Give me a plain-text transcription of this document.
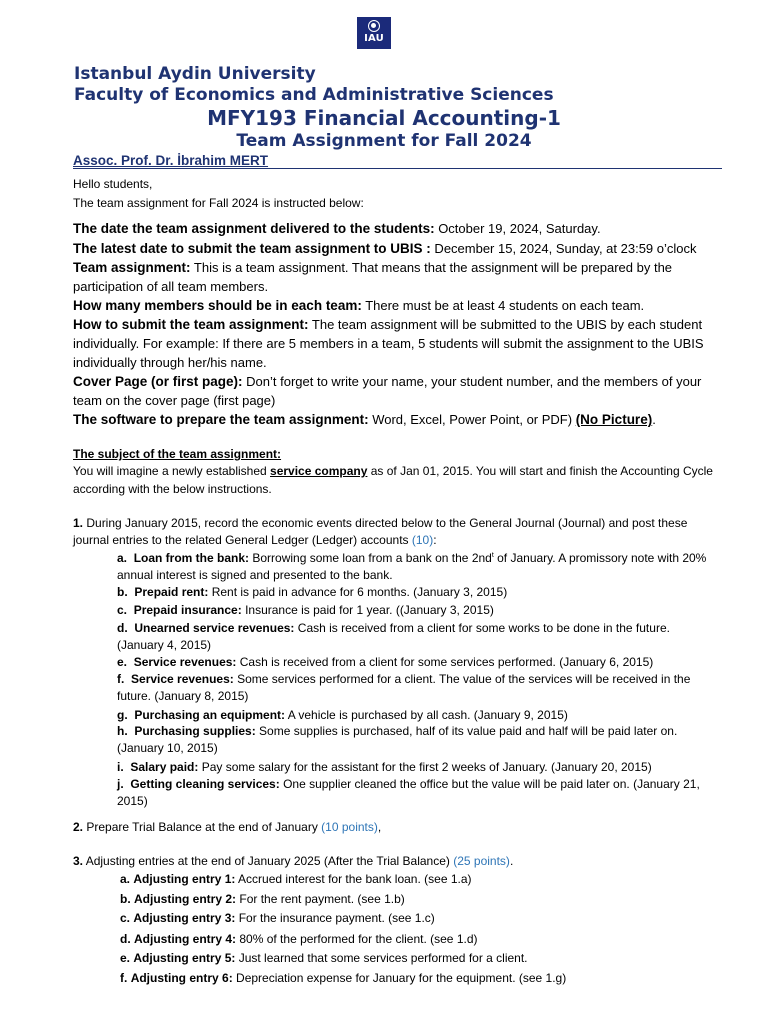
IAU
Istanbul Aydin University
Faculty of Economics and Administrative Sciences
MFY193 Financial Accounting-1
Team Assignment for Fall 2024
Assoc. Prof. Dr. İbrahim MERT

Hello students,

The team assignment for Fall 2024 is instructed below:

The date the team assignment delivered to the students: October 19, 2024, Saturday.

The latest date to submit the team assignment to UBIS : December 15, 2024, Sunday, at 23:59 o’clock

Team assignment: This is a team assignment. That means that the assignment will be prepared by the participation of all team members.

How many members should be in each team: There must be at least 4 students on each team.

How to submit the team assignment: The team assignment will be submitted to the UBIS by each student individually. For example: If there are 5 members in a team, 5 students will submit the assignment to the UBIS individually through her/his name.

Cover Page (or first page): Don’t forget to write your name, your student number, and the members of your team on the cover page (first page)

The software to prepare the team assignment: Word, Excel, Power Point, or PDF) (No Picture).

The subject of the team assignment:

You will imagine a newly established service company as of Jan 01, 2015. You will start and finish the Accounting Cycle according with the below instructions.

1. During January 2015, record the economic events directed below to the General Journal (Journal) and post these journal entries to the related General Ledger (Ledger) accounts (10):

a. Loan from the bank: Borrowing some loan from a bank on the $2nd^t$ of January. A promissory note with 20% annual interest is signed and presented to the bank.

b. Prepaid rent: Rent is paid in advance for 6 months. (January 3, 2015)

c. Prepaid insurance: Insurance is paid for 1 year. ((January 3, 2015)

d. Unearned service revenues: Cash is received from a client for some works to be done in the future. (January 4, 2015)

e. Service revenues: Cash is received from a client for some services performed. (January 6, 2015)

f. Service revenues: Some services performed for a client. The value of the services will be received in the future. (January 8, 2015)

g. Purchasing an equipment: A vehicle is purchased by all cash. (January 9, 2015)

h. Purchasing supplies: Some supplies is purchased, half of its value paid and half will be paid later on. (January 10, 2015)

i. Salary paid: Pay some salary for the assistant for the first 2 weeks of January. (January 20, 2015)

j. Getting cleaning services: One supplier cleaned the office but the value will be paid later on. (January 21, 2015)

2. Prepare Trial Balance at the end of January (10 points),

3. Adjusting entries at the end of January 2025 (After the Trial Balance) (25 points).

a. Adjusting entry 1: Accrued interest for the bank loan. (see 1.a)

b. Adjusting entry 2: For the rent payment. (see 1.b)

c. Adjusting entry 3: For the insurance payment. (see 1.c)

d. Adjusting entry 4: 80% of the performed for the client. (see 1.d)

e. Adjusting entry 5: Just learned that some services performed for a client.

f. Adjusting entry 6: Depreciation expense for January for the equipment. (see 1.g)
